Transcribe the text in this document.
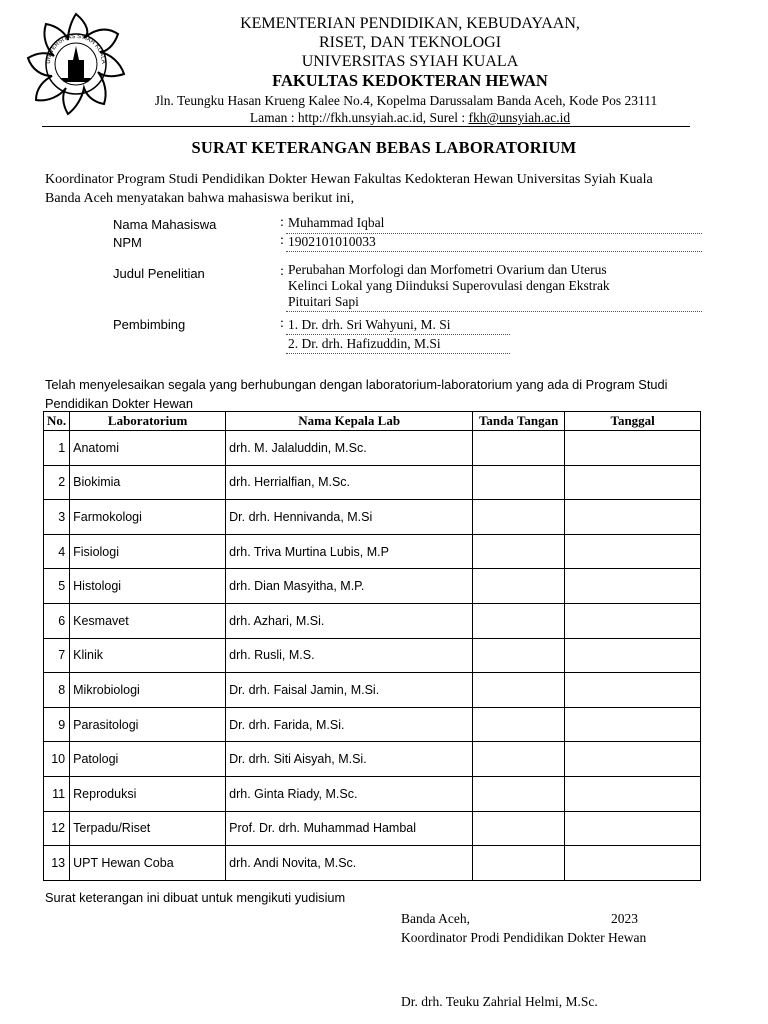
UNIVERSITAS SYIAH KUALA
KEMENTERIAN PENDIDIKAN, KEBUDAYAAN,
RISET, DAN TEKNOLOGI
UNIVERSITAS SYIAH KUALA
FAKULTAS KEDOKTERAN HEWAN
Jln. Teungku Hasan Krueng Kalee No.4, Kopelma Darussalam Banda Aceh, Kode Pos 23111
Laman : http://fkh.unsyiah.ac.id, Surel : fkh@unsyiah.ac.id
SURAT KETERANGAN BEBAS LABORATORIUM
Koordinator Program Studi Pendidikan Dokter Hewan Fakultas Kedokteran Hewan Universitas Syiah Kuala
Banda Aceh menyatakan bahwa mahasiswa berikut ini,
Nama Mahasiswa	: Muhammad Iqbal
NPM	: 1902101010033
Judul Penelitian	: Perubahan Morfologi dan Morfometri Ovarium dan Uterus
Kelinci Lokal yang Diinduksi Superovulasi dengan Ekstrak
Pituitari Sapi
Pembimbing	: 1. Dr. drh. Sri Wahyuni, M. Si
2. Dr. drh. Hafizuddin, M.Si
Telah menyelesaikan segala yang berhubungan dengan laboratorium-laboratorium yang ada di Program Studi
Pendidikan Dokter Hewan
No.	Laboratorium	Nama Kepala Lab	Tanda Tangan	Tanggal
1	Anatomi	drh. M. Jalaluddin, M.Sc.		
2	Biokimia	drh. Herrialfian, M.Sc.		
3	Farmokologi	Dr. drh. Hennivanda, M.Si		
4	Fisiologi	drh. Triva Murtina Lubis, M.P		
5	Histologi	drh. Dian Masyitha, M.P.		
6	Kesmavet	drh. Azhari, M.Si.		
7	Klinik	drh. Rusli, M.S.		
8	Mikrobiologi	Dr. drh. Faisal Jamin, M.Si.		
9	Parasitologi	Dr. drh. Farida, M.Si.		
10	Patologi	Dr. drh. Siti Aisyah, M.Si.		
11	Reproduksi	drh. Ginta Riady, M.Sc.		
12	Terpadu/Riset	Prof. Dr. drh. Muhammad Hambal		
13	UPT Hewan Coba	drh. Andi Novita, M.Sc.		
Surat keterangan ini dibuat untuk mengikuti yudisium
Banda Aceh,	2023
Koordinator Prodi Pendidikan Dokter Hewan
Dr. drh. Teuku Zahrial Helmi, M.Sc.
